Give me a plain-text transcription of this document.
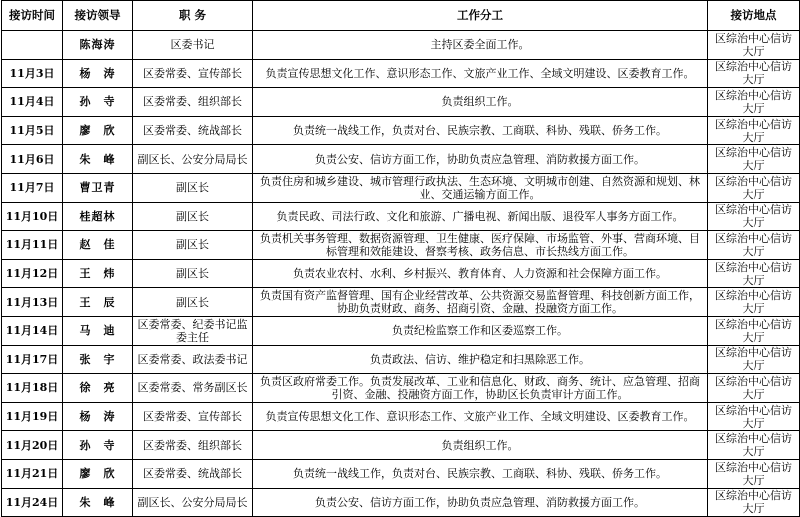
接访时间	接访领导	职 务	工作分工	接访地点
	陈海涛	区委书记	主持区委全面工作。	区综治中心信访大厅
11月3日	杨　涛	区委常委、宣传部长	负责宣传思想文化工作、意识形态工作、文旅产业工作、全域文明建设、区委教育工作。	区综治中心信访大厅
11月4日	孙　寺	区委常委、组织部长	负责组织工作。	区综治中心信访大厅
11月5日	廖　欣	区委常委、统战部长	负责统一战线工作，负责对台、民族宗教、工商联、科协、残联、侨务工作。	区综治中心信访大厅
11月6日	朱　峰	副区长、公安分局局长	负责公安、信访方面工作，协助负责应急管理、消防救援方面工作。	区综治中心信访大厅
11月7日	曹卫青	副区长	负责住房和城乡建设、城市管理行政执法、生态环境、文明城市创建、自然资源和规划、林业、交通运输方面工作。	区综治中心信访大厅
11月10日	桂超林	副区长	负责民政、司法行政、文化和旅游、广播电视、新闻出版、退役军人事务方面工作。	区综治中心信访大厅
11月11日	赵　佳	副区长	负责机关事务管理、数据资源管理、卫生健康、医疗保障、市场监管、外事、营商环境、目标管理和效能建设、督察考核、政务信息、市长热线方面工作。	区综治中心信访大厅
11月12日	王　炜	副区长	负责农业农村、水利、乡村振兴、教育体育、人力资源和社会保障方面工作。	区综治中心信访大厅
11月13日	王　辰	副区长	负责国有资产监督管理、国有企业经营改革、公共资源交易监督管理、科技创新方面工作，协助负责财政、商务、招商引资、金融、投融资方面工作。	区综治中心信访大厅
11月14日	马　迪	区委常委、纪委书记监委主任	负责纪检监察工作和区委巡察工作。	区综治中心信访大厅
11月17日	张　宇	区委常委、政法委书记	负责政法、信访、维护稳定和扫黑除恶工作。	区综治中心信访大厅
11月18日	徐　亮	区委常委、常务副区长	负责区政府常委工作。负责发展改革、工业和信息化、财政、商务、统计、应急管理、招商引资、金融、投融资方面工作，协助区长负责审计方面工作。	区综治中心信访大厅
11月19日	杨　涛	区委常委、宣传部长	负责宣传思想文化工作、意识形态工作、文旅产业工作、全域文明建设、区委教育工作。	区综治中心信访大厅
11月20日	孙　寺	区委常委、组织部长	负责组织工作。	区综治中心信访大厅
11月21日	廖　欣	区委常委、统战部长	负责统一战线工作，负责对台、民族宗教、工商联、科协、残联、侨务工作。	区综治中心信访大厅
11月24日	朱　峰	副区长、公安分局局长	负责公安、信访方面工作，协助负责应急管理、消防救援方面工作。	区综治中心信访大厅
